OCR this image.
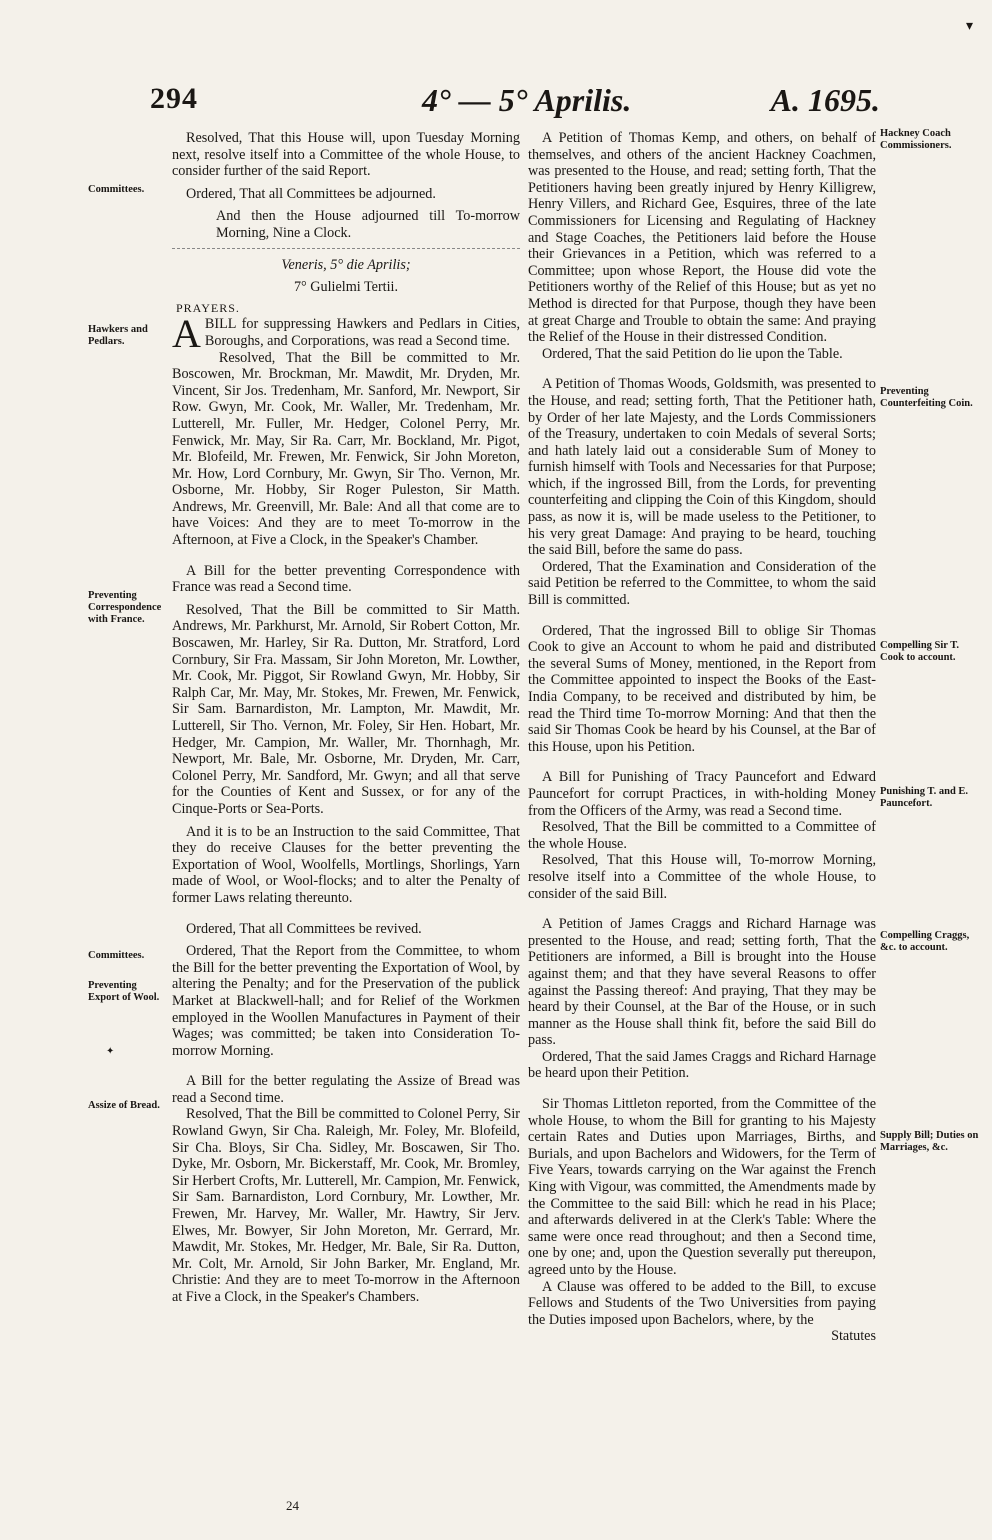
▾
294	4° — 5° Aprilis.	A. 1695.
Committees.
Hawkers and Pedlars.
Preventing Correspondence with France.
Committees.
Preventing Export of Wool.
✦
Assize of Bread.
Hackney Coach Commissioners.
Preventing Counterfeiting Coin.
Compelling Sir T. Cook to account.
Punishing T. and E. Pauncefort.
Compelling Craggs, &c. to account.
Supply Bill; Duties on Marriages, &c.

Resolved, That this House will, upon Tuesday Morning next, resolve itself into a Committee of the whole House, to consider further of the said Report.

Ordered, That all Committees be adjourned.

And then the House adjourned till To-morrow Morning, Nine a Clock.

Veneris, 5° die Aprilis;

7° Gulielmi Tertii.

PRAYERS.

ABILL for suppressing Hawkers and Pedlars in Cities, Boroughs, and Corporations, was read a Second time.

Resolved, That the Bill be committed to Mr. Boscowen, Mr. Brockman, Mr. Mawdit, Mr. Dryden, Mr. Vincent, Sir Jos. Tredenham, Mr. Sanford, Mr. Newport, Sir Row. Gwyn, Mr. Cook, Mr. Waller, Mr. Tredenham, Mr. Lutterell, Mr. Fuller, Mr. Hedger, Colonel Perry, Mr. Fenwick, Mr. May, Sir Ra. Carr, Mr. Bockland, Mr. Pigot, Mr. Blofeild, Mr. Frewen, Mr. Fenwick, Sir John Moreton, Mr. How, Lord Cornbury, Mr. Gwyn, Sir Tho. Vernon, Mr. Osborne, Mr. Hobby, Sir Roger Puleston, Sir Matth. Andrews, Mr. Greenvill, Mr. Bale: And all that come are to have Voices: And they are to meet To-morrow in the Afternoon, at Five a Clock, in the Speaker's Chamber.

A Bill for the better preventing Correspondence with France was read a Second time.

Resolved, That the Bill be committed to Sir Matth. Andrews, Mr. Parkhurst, Mr. Arnold, Sir Robert Cotton, Mr. Boscawen, Mr. Harley, Sir Ra. Dutton, Mr. Stratford, Lord Cornbury, Sir Fra. Massam, Sir John Moreton, Mr. Lowther, Mr. Cook, Mr. Piggot, Sir Rowland Gwyn, Mr. Hobby, Sir Ralph Car, Mr. May, Mr. Stokes, Mr. Frewen, Mr. Fenwick, Sir Sam. Barnardiston, Mr. Lampton, Mr. Mawdit, Mr. Lutterell, Sir Tho. Vernon, Mr. Foley, Sir Hen. Hobart, Mr. Hedger, Mr. Campion, Mr. Waller, Mr. Thornhagh, Mr. Newport, Mr. Bale, Mr. Osborne, Mr. Dryden, Mr. Carr, Colonel Perry, Mr. Sandford, Mr. Gwyn; and all that serve for the Counties of Kent and Sussex, or for any of the Cinque-Ports or Sea-Ports.

And it is to be an Instruction to the said Committee, That they do receive Clauses for the better preventing the Exportation of Wool, Woolfells, Mortlings, Shorlings, Yarn made of Wool, or Wool-flocks; and to alter the Penalty of former Laws relating thereunto.

Ordered, That all Committees be revived.

Ordered, That the Report from the Committee, to whom the Bill for the better preventing the Exportation of Wool, by altering the Penalty; and for the Preservation of the publick Market at Blackwell-hall; and for Relief of the Workmen employed in the Woollen Manufactures in Payment of their Wages; was committed; be taken into Consideration To-morrow Morning.

A Bill for the better regulating the Assize of Bread was read a Second time.

Resolved, That the Bill be committed to Colonel Perry, Sir Rowland Gwyn, Sir Cha. Raleigh, Mr. Foley, Mr. Blofeild, Sir Cha. Bloys, Sir Cha. Sidley, Mr. Boscawen, Sir Tho. Dyke, Mr. Osborn, Mr. Bickerstaff, Mr. Cook, Mr. Bromley, Sir Herbert Crofts, Mr. Lutterell, Mr. Campion, Mr. Fenwick, Sir Sam. Barnardiston, Lord Cornbury, Mr. Lowther, Mr. Frewen, Mr. Harvey, Mr. Waller, Mr. Hawtry, Sir Jerv. Elwes, Mr. Bowyer, Sir John Moreton, Mr. Gerrard, Mr. Mawdit, Mr. Stokes, Mr. Hedger, Mr. Bale, Sir Ra. Dutton, Mr. Colt, Mr. Arnold, Sir John Barker, Mr. England, Mr. Christie: And they are to meet To-morrow in the Afternoon at Five a Clock, in the Speaker's Chambers.

A Petition of Thomas Kemp, and others, on behalf of themselves, and others of the ancient Hackney Coachmen, was presented to the House, and read; setting forth, That the Petitioners having been greatly injured by Henry Killigrew, Henry Villers, and Richard Gee, Esquires, three of the late Commissioners for Licensing and Regulating of Hackney and Stage Coaches, the Petitioners laid before the House their Grievances in a Petition, which was referred to a Committee; upon whose Report, the House did vote the Petitioners worthy of the Relief of this House; but as yet no Method is directed for that Purpose, though they have been at great Charge and Trouble to obtain the same: And praying the Relief of the House in their distressed Condition.

Ordered, That the said Petition do lie upon the Table.

A Petition of Thomas Woods, Goldsmith, was presented to the House, and read; setting forth, That the Petitioner hath, by Order of her late Majesty, and the Lords Commissioners of the Treasury, undertaken to coin Medals of several Sorts; and hath lately laid out a considerable Sum of Money to furnish himself with Tools and Necessaries for that Purpose; which, if the ingrossed Bill, from the Lords, for preventing counterfeiting and clipping the Coin of this Kingdom, should pass, as now it is, will be made useless to the Petitioner, to his very great Damage: And praying to be heard, touching the said Bill, before the same do pass.

Ordered, That the Examination and Consideration of the said Petition be referred to the Committee, to whom the said Bill is committed.

Ordered, That the ingrossed Bill to oblige Sir Thomas Cook to give an Account to whom he paid and distributed the several Sums of Money, mentioned, in the Report from the Committee appointed to inspect the Books of the East-India Company, to be received and distributed by him, be read the Third time To-morrow Morning: And that then the said Sir Thomas Cook be heard by his Counsel, at the Bar of this House, upon his Petition.

A Bill for Punishing of Tracy Pauncefort and Edward Pauncefort for corrupt Practices, in with-holding Money from the Officers of the Army, was read a Second time.

Resolved, That the Bill be committed to a Committee of the whole House.

Resolved, That this House will, To-morrow Morning, resolve itself into a Committee of the whole House, to consider of the said Bill.

A Petition of James Craggs and Richard Harnage was presented to the House, and read; setting forth, That the Petitioners are informed, a Bill is brought into the House against them; and that they have several Reasons to offer against the Passing thereof: And praying, That they may be heard by their Counsel, at the Bar of the House, or in such manner as the House shall think fit, before the said Bill do pass.

Ordered, That the said James Craggs and Richard Harnage be heard upon their Petition.

Sir Thomas Littleton reported, from the Committee of the whole House, to whom the Bill for granting to his Majesty certain Rates and Duties upon Marriages, Births, and Burials, and upon Bachelors and Widowers, for the Term of Five Years, towards carrying on the War against the French King with Vigour, was committed, the Amendments made by the Committee to the said Bill: which he read in his Place; and afterwards delivered in at the Clerk's Table: Where the same were once read throughout; and then a Second time, one by one; and, upon the Question severally put thereupon, agreed unto by the House.

A Clause was offered to be added to the Bill, to excuse Fellows and Students of the Two Universities from paying the Duties imposed upon Bachelors, where, by the

Statutes

24
